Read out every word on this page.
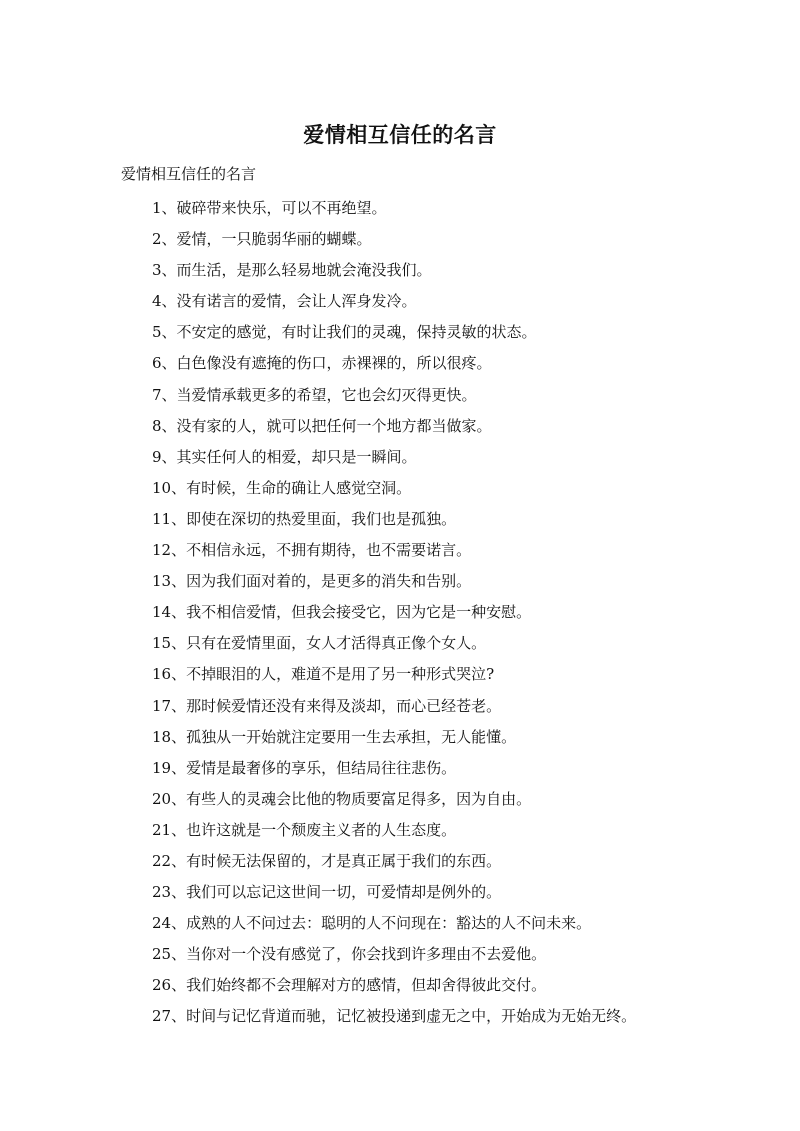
爱情相互信任的名言

爱情相互信任的名言

1、破碎带来快乐，可以不再绝望。
2、爱情，一只脆弱华丽的蝴蝶。
3、而生活，是那么轻易地就会淹没我们。
4、没有诺言的爱情，会让人浑身发冷。
5、不安定的感觉，有时让我们的灵魂，保持灵敏的状态。
6、白色像没有遮掩的伤口，赤裸裸的，所以很疼。
7、当爱情承载更多的希望，它也会幻灭得更快。
8、没有家的人，就可以把任何一个地方都当做家。
9、其实任何人的相爱，却只是一瞬间。
10、有时候，生命的确让人感觉空洞。
11、即使在深切的热爱里面，我们也是孤独。
12、不相信永远，不拥有期待，也不需要诺言。
13、因为我们面对着的，是更多的消失和告别。
14、我不相信爱情，但我会接受它，因为它是一种安慰。
15、只有在爱情里面，女人才活得真正像个女人。
16、不掉眼泪的人，难道不是用了另一种形式哭泣?
17、那时候爱情还没有来得及淡却，而心已经苍老。
18、孤独从一开始就注定要用一生去承担，无人能懂。
19、爱情是最奢侈的享乐，但结局往往悲伤。
20、有些人的灵魂会比他的物质要富足得多，因为自由。
21、也许这就是一个颓废主义者的人生态度。
22、有时候无法保留的，才是真正属于我们的东西。
23、我们可以忘记这世间一切，可爱情却是例外的。
24、成熟的人不问过去：聪明的人不问现在：豁达的人不问未来。
25、当你对一个没有感觉了，你会找到许多理由不去爱他。
26、我们始终都不会理解对方的感情，但却舍得彼此交付。
27、时间与记忆背道而驰，记忆被投递到虚无之中，开始成为无始无终。
